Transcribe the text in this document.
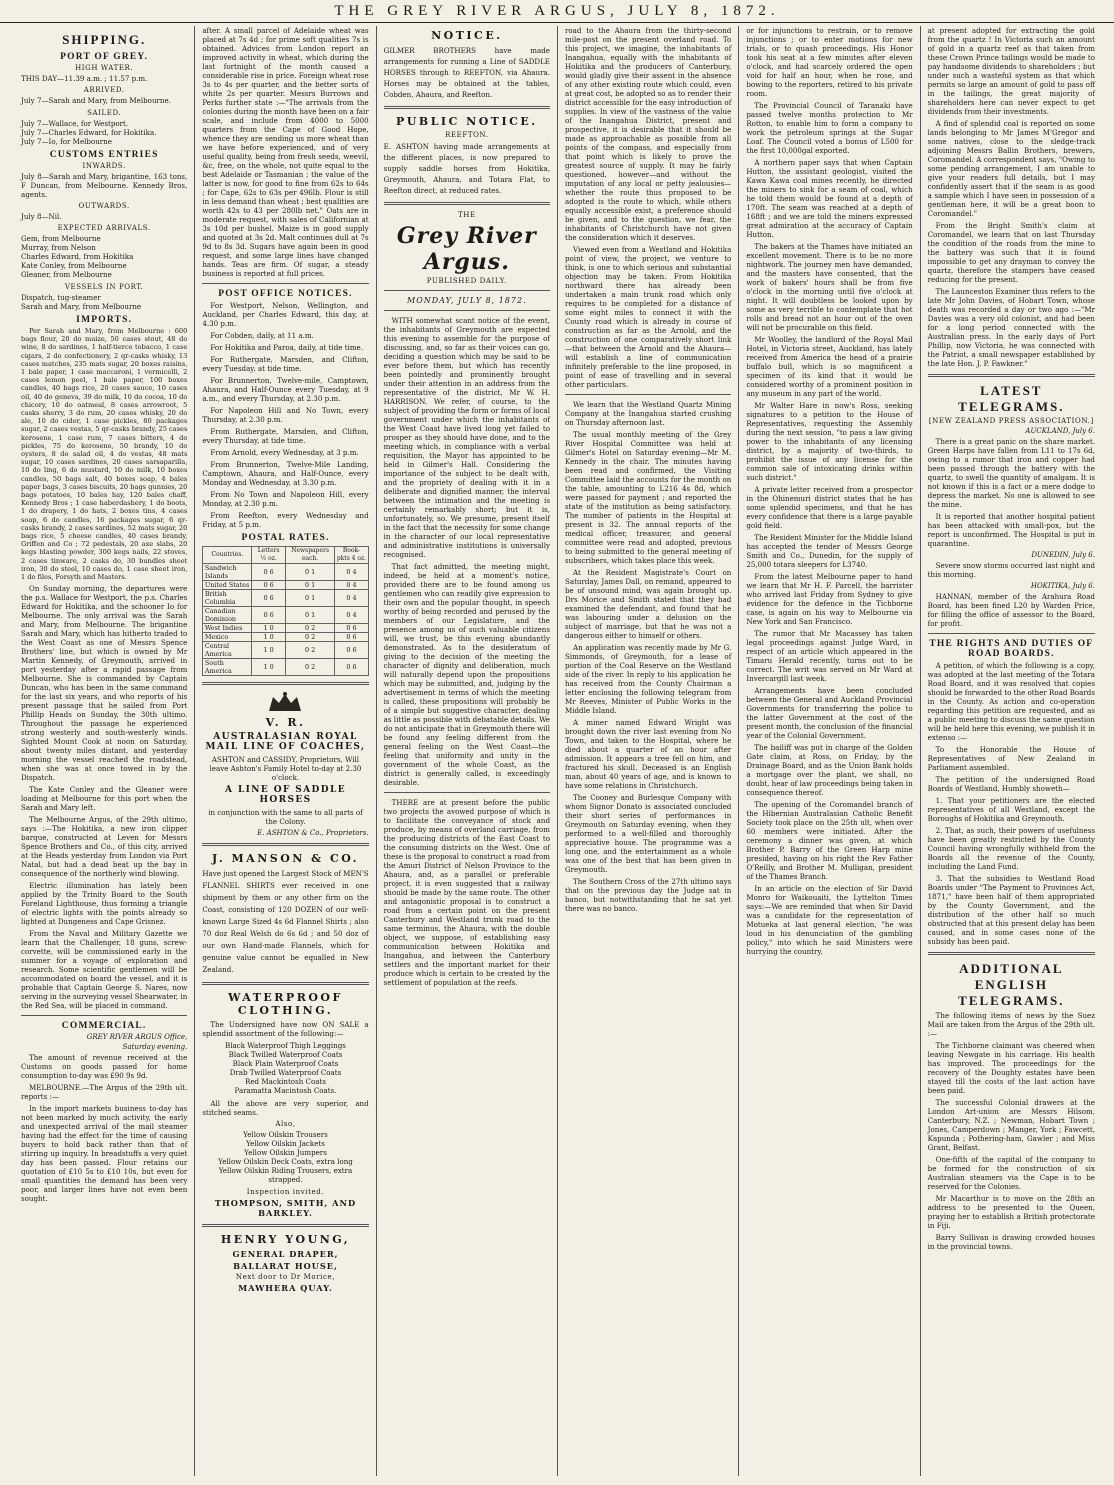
THE GREY RIVER ARGUS, JULY 8, 1872.
SHIPPING.
PORT OF GREY.
HIGH WATER.

THIS DAY—11.39 a.m. ; 11.57 p.m.

ARRIVED.
July 7—Sarah and Mary, from Melbourne.
SAILED.
July 7—Wallace, for Westport.
July 7—Charles Edward, for Hokitika.
July 7—Io, for Melbourne
CUSTOMS ENTRIES
INWARDS.

July 8—Sarah and Mary, brigantine, 163 tons, F Duncan, from Melbourne. Kennedy Bros, agents.

OUTWARDS.

July 8—Nil.

EXPECTED ARRIVALS.
Gem, from Melbourne
Murray, from Nelson
Charles Edward, from Hokitika
Kate Conley, from Melbourne
Gleaner, from Melbourne
VESSELS IN PORT.
Dispatch, tug-steamer
Sarah and Mary, from Melbourne
IMPORTS.

Per Sarah and Mary, from Melbourne : 600 bags flour, 20 do maize, 50 cases stout, 48 do wine, 8 do sardines, 1 half-tierce tobacco, 1 case cigars, 2 do confectionery, 2 qr-casks whisky, 13 cases matches, 235 mats sugar, 20 boxes raisins, 1 bale paper, 1 case maccaroni, 1 vermicelli, 2 cases lemon peel, 1 bale paper, 100 boxes candles, 40 bags rice, 20 cases sauce, 10 cases oil, 40 do geneva, 39 do milk, 10 do cocoa, 10 do chicory, 10 do oatmeal, 8 cases arrowroot, 5 casks sherry, 3 do rum, 20 cases whisky, 20 do ale, 10 do cider, 1 case pickles, 80 packages sugar, 2 cases vestas, 5 qr-casks brandy, 25 cases kerosene, 1 case rum, 7 cases bitters, 4 do pickles, 75 do kerosene, 50 brandy, 10 do oysters, 8 do salad oil, 4 do vestas, 48 mats sugar, 10 cases sardines, 20 cases sarsaparilla, 10 do ling, 6 do mustard, 10 do milk, 10 boxes candles, 50 bags salt, 40 boxes soap, 4 bales paper bags, 3 cases biscuits, 20 bags gunnies, 20 bags potatoes, 10 bales hay, 120 bales chaff, Kennedy Bros ; 1 case haberdashery, 1 do boots, 1 do drapery, 1 do hats, 2 boxes tins, 4 cases soap, 6 do candles, 16 packages sugar, 6 qr-casks brandy, 2 cases sardines, 52 mats sugar, 20 bags rice, 5 cheese candles, 40 cases brandy, Griffen and Co ; 72 pedestals, 20 axe slabs, 20 kegs blasting powder, 300 kegs nails, 22 stoves, 2 cases tinware, 2 casks do, 30 bundles sheet iron, 30 do steel, 10 cases do, 1 case sheet iron, 1 do files, Forsyth and Masters.

On Sunday morning, the departures were the p.s. Wallace for Westport, the p.s. Charles Edward for Hokitika, and the schooner Io for Melbourne. The only arrival was the Sarah and Mary, from Melbourne. The brigantine Sarah and Mary, which has hitherto traded to the West Coast as one of Messrs Spence Brothers' line, but which is owned by Mr Martin Kennedy, of Greymouth, arrived in port yesterday after a rapid passage from Melbourne. She is commanded by Captain Duncan, who has been in the same command for the last six years, and who reports of his present passage that he sailed from Port Phillip Heads on Sunday, the 30th ultimo. Throughout the passage he experienced strong westerly and south-westerly winds. Sighted Mount Cook at noon on Saturday, about twenty miles distant, and yesterday morning the vessel reached the roadstead, when she was at once towed in by the Dispatch.

The Kate Conley and the Gleaner were loading at Melbourne for this port when the Sarah and Mary left.

The Melbourne Argus, of the 29th ultimo, says :—The Hokitika, a new iron clipper barque, constructed at Leven for Messrs Spence Brothers and Co., of this city, arrived at the Heads yesterday from London via Port Natal, but had a dead beat up the bay in consequence of the northerly wind blowing.

Electric illumination has lately been applied by the Trinity Board to the South Foreland Lighthouse, thus forming a triangle of electric lights with the points already so lighted at Dungeness and Cape Grisnez.

From the Naval and Military Gazette we learn that the Challenger, 18 guns, screw-corvette, will be commissioned early in the summer for a voyage of exploration and research. Some scientific gentlemen will be accommodated on board the vessel, and it is probable that Captain George S. Nares, now serving in the surveying vessel Shearwater, in the Red Sea, will be placed in command.

COMMERCIAL.
GREY RIVER ARGUS Office,
Saturday evening.

The amount of revenue received at the Customs on goods passed for home consumption to-day was £90 9s 9d.

MELBOURNE.—The Argus of the 29th ult. reports :—

In the import markets business to-day has not been marked by much activity, the early and unexpected arrival of the mail steamer having had the effect for the time of causing buyers to hold back rather than that of stirring up inquiry. In breadstuffs a very quiet day has been passed. Flour retains our quotation of £10 5s to £10 10s, but even for small quantities the demand has been very poor, and larger lines have not even been sought.

after. A small parcel of Adelaide wheat was placed at 7s 4d ; for prime soft qualities 7s is obtained. Advices from London report an improved activity in wheat, which during the last fortnight of the month caused a considerable rise in price. Foreign wheat rose 3s to 4s per quarter, and the better sorts of white 2s per quarter. Messrs Burrows and Perks further state :—"The arrivals from the colonies during the month have been on a fair scale, and include from 4000 to 5000 quarters from the Cape of Good Hope, whence they are sending us more wheat than we have before experienced, and of very useful quality, being from fresh seeds, weevil, &c, free, on the whole, not quite equal to the best Adelaide or Tasmanian ; the value of the latter is now, for good to fine from 62s to 64s ; for Cape, 62s to 63s per 496lb. Flour is still in less demand than wheat ; best qualities are worth 42s to 43 per 280lb net." Oats are in moderate request, with sales of Californian at 3s 10d per bushel. Maize is in good supply and quoted at 3s 2d. Malt continues dull at 7s 9d to 8s 3d. Sugars have again been in good request, and some large lines have changed hands. Teas are firm. Of sugar, a steady business is reported at full prices.

POST OFFICE NOTICES.

For Westport, Nelson, Wellington, and Auckland, per Charles Edward, this day, at 4.30 p.m.

For Cobden, daily, at 11 a.m.

For Hokitika and Paroa, daily, at tide time.

For Ruthergate, Marsden, and Clifton, every Tuesday, at tide time.

For Brunnerton, Twelve-mile, Camptown, Ahaura, and Half-Ounce every Tuesday, at 9 a.m., and every Thursday, at 2.30 p.m.

For Napoleon Hill and No Town, every Thursday, at 2.30 p.m.

From Ruthergate, Marsden, and Clifton, every Thursday, at tide time.

From Arnold, every Wednesday, at 3 p.m.

From Brunnerton, Twelve-Mile Landing, Camptown, Ahaura, and Half-Ounce, every Monday and Wednesday, at 3.30 p.m.

From No Town and Napoleon Hill, every Monday, at 2.30 p.m.

From Reefton, every Wednesday and Friday, at 5 p.m.

POSTAL RATES.
Countries.	Letters ½ oz.	Newspapers each.	Book-pkts 4 oz.
Sandwich Islands	0 6	0 1	0 4
United States	0 6	0 1	0 4
British Columbia	0 6	0 1	0 4
Canadian Dominion	0 6	0 1	0 4
West Indies	1 0	0 2	0 6
Mexico	1 0	0 2	0 6
Central America	1 0	0 2	0 6
South America	1 0	0 2	0 6
V. R.
AUSTRALASIAN ROYAL MAIL LINE OF COACHES,

ASHTON and CASSIDY, Proprietors, Will leave Ashton's Family Hotel to-day at 2.30 o'clock.

A LINE OF SADDLE HORSES

in conjunction with the same to all parts of the Colony.

E. ASHTON & Co., Proprietors.
J. MANSON & CO.

Have just opened the Largest Stock of MEN'S FLANNEL SHIRTS ever received in one shipment by them or any other firm on the Coast, consisting of 120 DOZEN of our well-known Large Sized 4s 6d Flannel Shirts ; also 70 doz Real Welsh do 6s 6d ; and 50 doz of our own Hand-made Flannels, which for genuine value cannot be equalled in New Zealand.

WATERPROOF CLOTHING.

The Undersigned have now ON SALE a splendid assortment of the following:—

Black Waterproof Thigh Leggings
Black Twilled Waterproof Coats
Black Plain Waterproof Coats
Drab Twilled Waterproof Coats
Red Mackintosh Coats
Paramatta Macintosh Coats.

All the above are very superior, and stitched seams.

Also,
Yellow Oilskin Trousers
Yellow Oilskin Jackets
Yellow Oilskin Jumpers
Yellow Oilskin Deck Coats, extra long
Yellow Oilskin Riding Trousers, extra strapped.
Inspection invited.
THOMPSON, SMITH, AND BARKLEY.
HENRY YOUNG,
GENERAL DRAPER,
BALLARAT HOUSE,
Next door to Dr Morice,
MAWHERA QUAY.
NOTICE.

GILMER BROTHERS have made arrangements for running a Line of SADDLE HORSES through to REEFTON, via Ahaura. Horses may be obtained at the tables, Cobden, Ahaura, and Reefton.

PUBLIC NOTICE.
REEFTON.

E. ASHTON having made arrangements at the different places, is now prepared to supply saddle horses from Hokitika, Greymouth, Ahaura, and Totara Flat, to Reefton direct, at reduced rates.

THE
Grey River Argus.
PUBLISHED DAILY.
MONDAY, JULY 8, 1872.

WITH somewhat scant notice of the event, the inhabitants of Greymouth are expected this evening to assemble for the purpose of discussing, and, so far as their voices can go, deciding a question which may be said to be ever before them, but which has recently been pointedly and prominently brought under their attention in an address from the representative of the district, Mr W. H. HARRISON. We refer, of course, to the subject of providing the form or forms of local government under which the inhabitants of the West Coast have lived long yet failed to prosper as they should have done, and to the meeting which, in compliance with a verbal requisition, the Mayor has appointed to be held in Gilmer's Hall. Considering the importance of the subject to be dealt with, and the propriety of dealing with it in a deliberate and dignified manner, the interval between the intimation and the meeting is certainly remarkably short; but it is, unfortunately, so. We presume, present itself in the fact that the necessity for some change in the character of our local representative and administrative institutions is universally recognised.

That fact admitted, the meeting might, indeed, be held at a moment's notice, provided there are to be found among us gentlemen who can readily give expression to their own and the popular thought, in speech worthy of being recorded and perused by the members of our Legislature, and the presence among us of such valuable citizens will, we trust, be this evening abundantly demonstrated. As to the desideratum of giving to the decision of the meeting the character of dignity and deliberation, much will naturally depend upon the propositions which may be submitted, and, judging by the advertisement in terms of which the meeting is called, these propositions will probably be of a simple but suggestive character, dealing as little as possible with debatable details. We do not anticipate that in Greymouth there will be found any feeling different from the general feeling on the West Coast—the feeling that uniformity and unity in the government of the whole Coast, as the district is generally called, is exceedingly desirable.

THERE are at present before the public two projects the avowed purpose of which is to facilitate the conveyance of stock and produce, by means of overland carriage, from the producing districts of the East Coast to the consuming districts on the West. One of these is the proposal to construct a road from the Amuri District of Nelson Province to the Ahaura, and, as a parallel or preferable project, it is even suggested that a railway should be made by the same route. The other and antagonistic proposal is to construct a road from a certain point on the present Canterbury and Westland trunk road to the same terminus, the Ahaura, with the double object, we suppose, of establishing easy communication between Hokitika and Inangahua, and between the Canterbury settlers and the important market for their produce which is certain to be created by the settlement of population at the reefs.

road to the Ahaura from the thirty-second mile-post on the present overland road. To this project, we imagine, the inhabitants of Inangahua, equally with the inhabitants of Hokitika and the producers of Canterbury, would gladly give their assent in the absence of any other existing route which could, even at great cost, be adopted so as to render their district accessible for the easy introduction of supplies. In view of the vastness of the value of the Inangahua District, present and prospective, it is desirable that it should be made as approachable as possible from all points of the compass, and especially from that point which is likely to prove the greatest source of supply. It may be fairly questioned, however—and without the imputation of any local or petty jealousies—whether the route thus proposed to be adopted is the route to which, while others equally accessible exist, a preference should be given, and to the question, we fear, the inhabitants of Christchurch have not given the consideration which it deserves.

Viewed even from a Westland and Hokitika point of view, the project, we venture to think, is one to which serious and substantial objection may be taken. From Hokitika northward there has already been undertaken a main trunk road which only requires to be completed for a distance of some eight miles to connect it with the County road which is already in course of construction as far as the Arnold, and the construction of one comparatively short link—that between the Arnold and the Ahaura—will establish a line of communication infinitely preferable to the line proposed, in point of ease of travelling and in several other particulars.

We learn that the Westland Quartz Mining Company at the Inangahua started crushing on Thursday afternoon last.

The usual monthly meeting of the Grey River Hospital Committee was held at Gilmer's Hotel on Saturday evening—Mr M. Kennedy in the chair. The minutes having been read and confirmed, the Visiting Committee laid the accounts for the month on the table, amounting to L216 4s 8d, which were passed for payment ; and reported the state of the institution as being satisfactory. The number of patients in the Hospital at present is 32. The annual reports of the medical officer, treasurer, and general committee were read and adopted, previous to being submitted to the general meeting of subscribers, which takes place this week.

At the Resident Magistrate's Court on Saturday, James Dall, on remand, appeared to be of unsound mind, was again brought up. Drs Morice and Smith stated that they had examined the defendant, and found that he was labouring under a delusion on the subject of marriage, but that he was not a dangerous either to himself or others.

An application was recently made by Mr G. Simmonds, of Greymouth, for a lease of portion of the Coal Reserve on the Westland side of the river. In reply to his application he has received from the County Chairman a letter enclosing the following telegram from Mr Reeves, Minister of Public Works in the Middle Island.

A miner named Edward Wright was brought down the river last evening from No Town, and taken to the Hospital, where he died about a quarter of an hour after admission. It appears a tree fell on him, and fractured his skull. Deceased is an English man, about 40 years of age, and is known to have some relations in Christchurch.

The Cooney and Burlesque Company with whom Signor Donato is associated concluded their short series of performances in Greymouth on Saturday evening, when they performed to a well-filled and thoroughly appreciative house. The programme was a long one, and the entertainment as a whole was one of the best that has been given in Greymouth.

The Southern Cross of the 27th ultimo says that on the previous day the Judge sat in banco, but notwithstanding that he sat yet there was no banco.

or for injunctions to restrain, or to remove injunctions ; or to enter motions for new trials, or to quash proceedings. His Honor took his seat at a few minutes after eleven o'clock, and had scarcely ordered the open void for half an hour, when he rose, and bowing to the reporters, retired to his private room.

The Provincial Council of Taranaki have passed twelve months protection to Mr Rotton, to enable him to form a company to work the petroleum springs at the Sugar Loaf. The Council voted a bonus of L500 for the first 10,000gal exported.

A northern paper says that when Captain Hutton, the assistant geologist, visited the Kawa Kawa coal mines recently, he directed the miners to sink for a seam of coal, which he told them would be found at a depth of 170ft. The seam was reached at a depth of 168ft ; and we are told the miners expressed great admiration at the accuracy of Captain Hutton.

The bakers at the Thames have initiated an excellent movement. There is to be no more nightwork. The journey men have demanded, and the masters have consented, that the work of bakers' hours shall be from five o'clock in the morning until five o'clock at night. It will doubtless be looked upon by some as very terrible to contemplate that hot rolls and bread not an hour out of the oven will not be procurable on this field.

Mr Woolley, the landlord of the Royal Mail Hotel, in Victoria street, Auckland, has lately received from America the head of a prairie buffalo bull, which is so magnificent a specimen of its kind that it would be considered worthy of a prominent position in any museum in any part of the world.

Mr Walter Hare in now's Ross, seeking signatures to a petition to the House of Representatives, requesting the Assembly during the next session, "to pass a law giving power to the inhabitants of any licensing district, by a majority of two-thirds, to prohibit the issue of any license for the common sale of intoxicating drinks within such district."

A private letter received from a prospector in the Ohinemuri district states that he has some splendid specimens, and that he has every confidence that there is a large payable gold field.

The Resident Minister for the Middle Island has accepted the tender of Messrs George Smith and Co., Dunedin, for the supply of 25,000 totara sleepers for L3740.

From the latest Melbourne paper to hand we learn that Mr H. F. Parcell, the barrister who arrived last Friday from Sydney to give evidence for the defence in the Tichborne case, is again on his way to Melbourne via New York and San Francisco.

The rumor that Mr Macassey has taken legal proceedings against Judge Ward, in respect of an article which appeared in the Timaru Herald recently, turns out to be correct. The writ was served on Mr Ward at Invercargill last week.

Arrangements have been concluded between the General and Auckland Provincial Governments for transferring the police to the latter Government at the cost of the present month, the conclusion of the financial year of the Colonial Government.

The bailiff was put in charge of the Golden Gate claim, at Ross, on Friday, by the Drainage Board, and as the Union Bank holds a mortgage over the plant, we shall, no doubt, hear of law proceedings being taken in consequence thereof.

The opening of the Coromandel branch of the Hibernian Australasian Catholic Benefit Society took place on the 25th ult, when over 60 members were initiated. After the ceremony a dinner was given, at which Brother P. Barry of the Green Harp mine presided, having on his right the Rev Father O'Reilly, and Brother M. Mulligan, president of the Thames Branch.

In an article on the election of Sir David Monro for Waikouaiti, the Lyttelton Times says:—We are reminded that when Sir David was a candidate for the representation of Motueka at last general election, "he was loud in his denunciation of the gambling policy," into which he said Ministers were hurrying the country.

at present adopted for extracting the gold from the quartz ! In Victoria such an amount of gold in a quartz reef as that taken from these Crown Prince tailings would be made to pay handsome dividends to shareholders ; but under such a wasteful system as that which permits so large an amount of gold to pass off in the tailings, the great majority of shareholders here can never expect to get dividends from their investments.

A find of splendid coal is reported on some lands belonging to Mr James M'Gregor and some natives, close to the sledge-track adjoining Messrs Ballin Brothers, brewers, Coromandel. A correspondent says, "Owing to some pending arrangement, I am unable to give your readers full details, but I may confidently assert that if the seam is as good a sample which I have seen in possession of a gentleman here, it will be a great boon to Coromandel."

From the Bright Smith's claim at Coromandel, we learn that on last Thursday the condition of the roads from the mine to the battery was such that it is found impossible to get any drayman to convey the quartz, therefore the stampers have ceased reducing for the present.

The Launceston Examiner thus refers to the late Mr John Davies, of Hobart Town, whose death was recorded a day or two ago :—"Mr Davies was a very old colonist, and had been for a long period connected with the Australian press. In the early days of Port Phillip, now Victoria, he was connected with the Patriot, a small newspaper established by the late Hon. J. P. Fawkner."

LATEST TELEGRAMS.
[NEW ZEALAND PRESS ASSOCIATION.]
AUCKLAND, July 6.

There is a great panic on the share market. Green Harps have fallen from L11 to 17s 6d, owing to a rumor that iron and copper had been passed through the battery with the quartz, to swell the quantity of amalgam. It is not known if this is a fact or a mere dodge to depress the market. No one is allowed to see the mine.

It is reported that another hospital patient has been attacked with small-pox, but the report is unconfirmed. The Hospital is put in quarantine.

DUNEDIN, July 6.

Severe snow storms occurred last night and this morning.

HOKITIKA, July 6.

HANNAN, member of the Arahura Road Board, has been fined L20 by Warden Price, for filling the office of assessor to the Board, for profit.

THE RIGHTS AND DUTIES OF ROAD BOARDS.

A petition, of which the following is a copy, was adopted at the last meeting of the Totara Road Board, and it was resolved that copies should be forwarded to the other Road Boards in the County. As action and co-operation regarding this petition are requested, and as a public meeting to discuss the same question will be held here this evening, we publish it in extenso :—

To the Honorable the House of Representatives of New Zealand in Parliament assembled.

The petition of the undersigned Road Boards of Westland, Humbly showeth—

1. That your petitioners are the elected representatives of all Westland, except the Boroughs of Hokitika and Greymouth.

2. That, as such, their powers of usefulness have been greatly restricted by the County Council having wrongfully withheld from the Boards all the revenue of the County, including the Land Fund.

3. That the subsidies to Westland Road Boards under "The Payment to Provinces Act, 1871," have been half of them appropriated by the County Government, and the distribution of the other half so much obstructed that at this present delay has been caused, and in some cases none of the subsidy has been paid.

ADDITIONAL ENGLISH TELEGRAMS.

The following items of news by the Suez Mail are taken from the Argus of the 29th ult. :—

The Tichborne claimant was cheered when leaving Newgate in his carriage. His health has improved. The proceedings for the recovery of the Doughty estates have been stayed till the costs of the last action have been paid.

The successful Colonial drawers at the London Art-union are Messrs Hilsom, Canterbury, N.Z. ; Newman, Hobart Town ; Jones, Camperdown ; Manger, York ; Fawcett, Kapunda ; Pothering-ham, Gawler ; and Miss Grant, Belfast.

One-fifth of the capital of the company to be formed for the construction of six Australian steamers via the Cape is to be reserved for the Colonies.

Mr Macarthur is to move on the 28th an address to be presented to the Queen, praying her to establish a British protectorate in Fiji.

Barry Sullivan is drawing crowded houses in the provincial towns.
